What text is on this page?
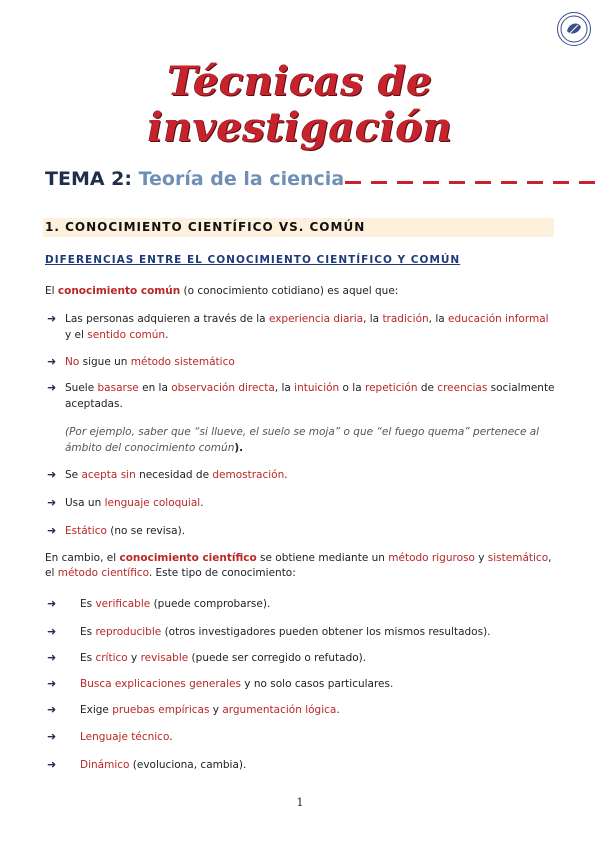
Técnicas de
investigación
TEMA 2: Teoría de la ciencia
1. CONOCIMIENTO CIENTÍFICO VS. COMÚN
DIFERENCIAS ENTRE EL CONOCIMIENTO CIENTÍFICO Y COMÚN
El conocimiento común (o conocimiento cotidiano) es aquel que:
➜ Las personas adquieren a través de la experiencia diaria, la tradición, la educación informal y el sentido común.
➜ No sigue un método sistemático
➜ Suele basarse en la observación directa, la intuición o la repetición de creencias socialmente aceptadas.
(Por ejemplo, saber que “si llueve, el suelo se moja” o que “el fuego quema” pertenece al ámbito del conocimiento común).
➜ Se acepta sin necesidad de demostración.
➜ Usa un lenguaje coloquial.
➜ Estático (no se revisa).
En cambio, el conocimiento científico se obtiene mediante un método riguroso y sistemático, el método científico. Este tipo de conocimiento:
➜ Es verificable (puede comprobarse).
➜ Es reproducible (otros investigadores pueden obtener los mismos resultados).
➜ Es crítico y revisable (puede ser corregido o refutado).
➜ Busca explicaciones generales y no solo casos particulares.
➜ Exige pruebas empíricas y argumentación lógica.
➜ Lenguaje técnico.
➜ Dinámico (evoluciona, cambia).
1
